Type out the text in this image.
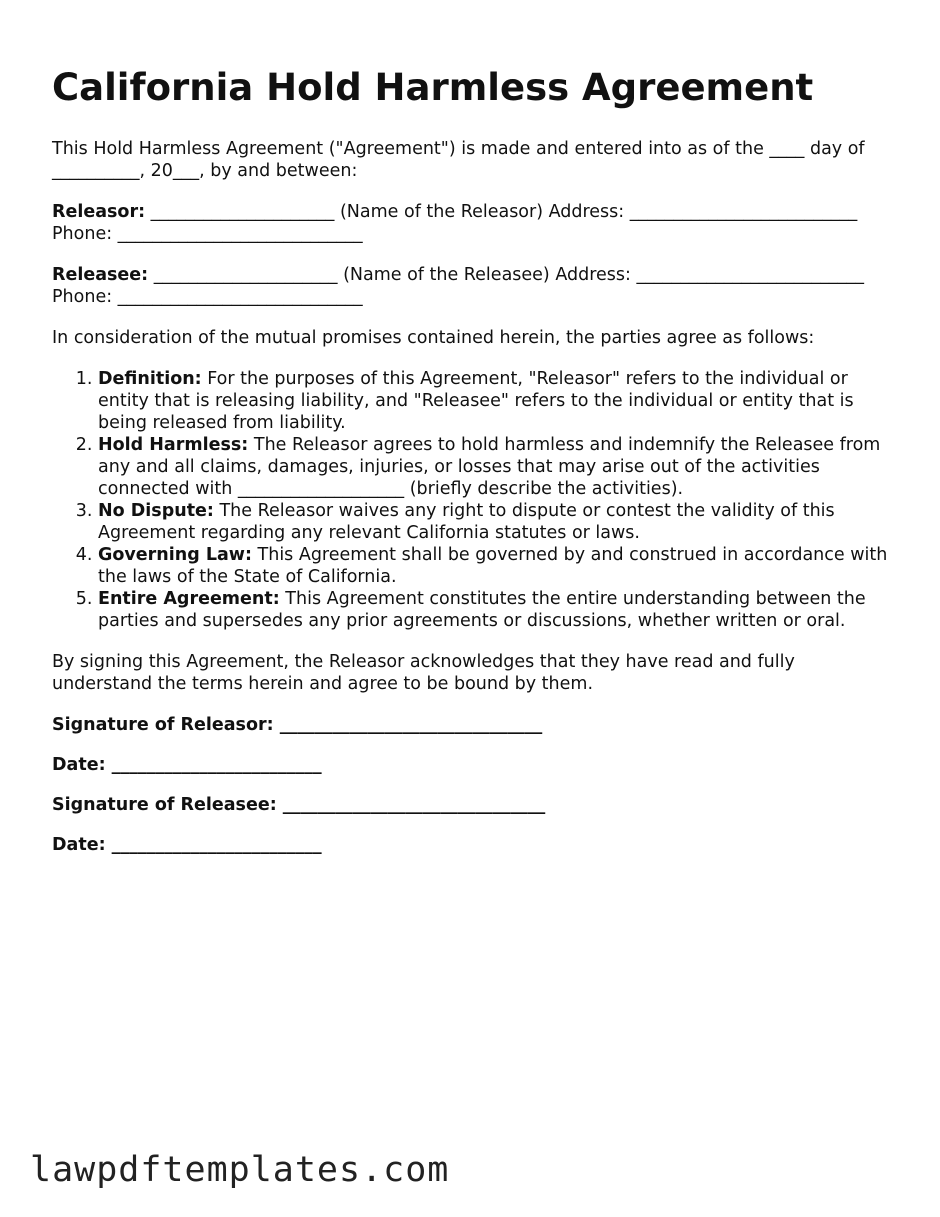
California Hold Harmless Agreement

This Hold Harmless Agreement ("Agreement") is made and entered into as of the ____ day of __________, 20___, by and between:

Releasor: _____________________ (Name of the Releasor) Address: __________________________ Phone: ____________________________

Releasee: _____________________ (Name of the Releasee) Address: __________________________ Phone: ____________________________

In consideration of the mutual promises contained herein, the parties agree as follows:

1. Definition: For the purposes of this Agreement, "Releasor" refers to the individual or entity that is releasing liability, and "Releasee" refers to the individual or entity that is being released from liability.
2. Hold Harmless: The Releasor agrees to hold harmless and indemnify the Releasee from any and all claims, damages, injuries, or losses that may arise out of the activities connected with ___________________ (briefly describe the activities).
3. No Dispute: The Releasor waives any right to dispute or contest the validity of this Agreement regarding any relevant California statutes or laws.
4. Governing Law: This Agreement shall be governed by and construed in accordance with the laws of the State of California.
5. Entire Agreement: This Agreement constitutes the entire understanding between the parties and supersedes any prior agreements or discussions, whether written or oral.

By signing this Agreement, the Releasor acknowledges that they have read and fully understand the terms herein and agree to be bound by them.

Signature of Releasor: ______________________________
Date: ________________________
Signature of Releasee: ______________________________
Date: ________________________
lawpdftemplates.com
